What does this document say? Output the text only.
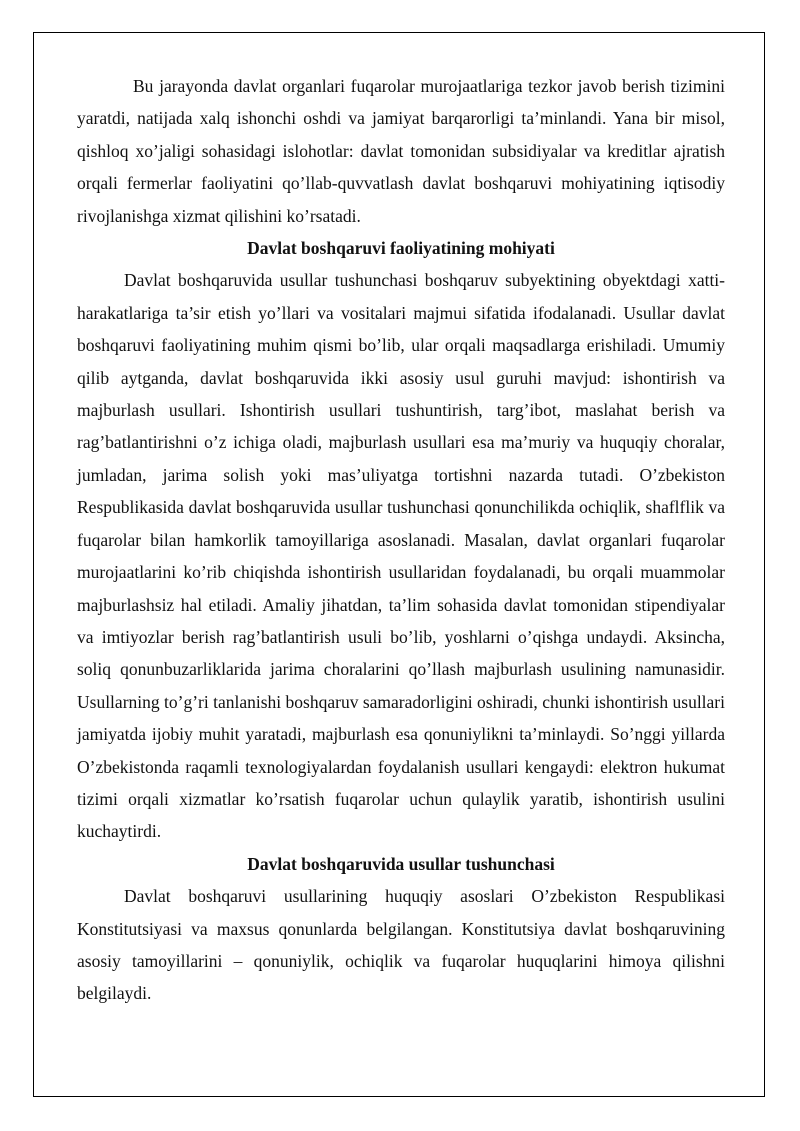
Bu jarayonda davlat organlari fuqarolar murojaatlariga tezkor javob berish tizimini yaratdi, natijada xalq ishonchi oshdi va jamiyat barqarorligi ta’minlandi. Yana bir misol, qishloq xo’jaligi sohasidagi islohotlar: davlat tomonidan subsidiyalar va kreditlar ajratish orqali fermerlar faoliyatini qo’llab-quvvatlash davlat boshqaruvi mohiyatining iqtisodiy rivojlanishga xizmat qilishini ko’rsatadi.

Davlat boshqaruvi faoliyatining mohiyati

Davlat boshqaruvida usullar tushunchasi boshqaruv subyektining obyektdagi xatti-harakatlariga ta’sir etish yo’llari va vositalari majmui sifatida ifodalanadi. Usullar davlat boshqaruvi faoliyatining muhim qismi bo’lib, ular orqali maqsadlarga erishiladi. Umumiy qilib aytganda, davlat boshqaruvida ikki asosiy usul guruhi mavjud: ishontirish va majburlash usullari. Ishontirish usullari tushuntirish, targ’ibot, maslahat berish va rag’batlantirishni o’z ichiga oladi, majburlash usullari esa ma’muriy va huquqiy choralar, jumladan, jarima solish yoki mas’uliyatga tortishni nazarda tutadi. O’zbekiston Respublikasida davlat boshqaruvida usullar tushunchasi qonunchilikda ochiqlik, shaflflik va fuqarolar bilan hamkorlik tamoyillariga asoslanadi. Masalan, davlat organlari fuqarolar murojaatlarini ko’rib chiqishda ishontirish usullaridan foydalanadi, bu orqali muammolar majburlashsiz hal etiladi. Amaliy jihatdan, ta’lim sohasida davlat tomonidan stipendiyalar va imtiyozlar berish rag’batlantirish usuli bo’lib, yoshlarni o’qishga undaydi. Aksincha, soliq qonunbuzarliklarida jarima choralarini qo’llash majburlash usulining namunasidir. Usullarning to’g’ri tanlanishi boshqaruv samaradorligini oshiradi, chunki ishontirish usullari jamiyatda ijobiy muhit yaratadi, majburlash esa qonuniylikni ta’minlaydi. So’nggi yillarda O’zbekistonda raqamli texnologiyalardan foydalanish usullari kengaydi: elektron hukumat tizimi orqali xizmatlar ko’rsatish fuqarolar uchun qulaylik yaratib, ishontirish usulini kuchaytirdi.

Davlat boshqaruvida usullar tushunchasi

Davlat boshqaruvi usullarining huquqiy asoslari O’zbekiston Respublikasi Konstitutsiyasi va maxsus qonunlarda belgilangan. Konstitutsiya davlat boshqaruvining asosiy tamoyillarini – qonuniylik, ochiqlik va fuqarolar huquqlarini himoya qilishni belgilaydi.
